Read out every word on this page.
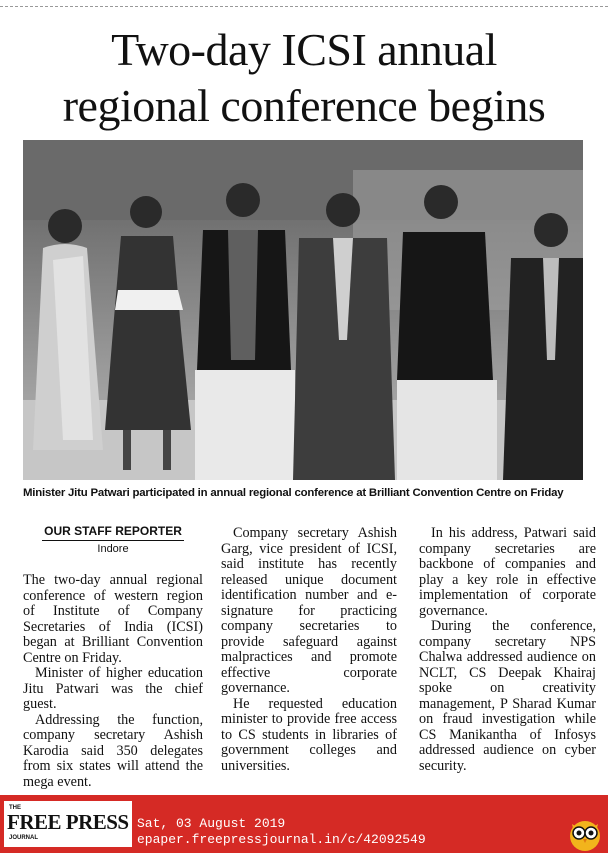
Two-day ICSI annual
regional conference begins
Minister Jitu Patwari participated in annual regional conference at Brilliant Convention Centre on Friday
OUR STAFF REPORTER
Indore

The two-day annual regional conference of western region of Institute of Company Secretaries of India (ICSI) began at Brilliant Convention Centre on Friday.

Minister of higher education Jitu Patwari was the chief guest.

Addressing the function, company secretary Ashish Karodia said 350 delegates from six states will attend the mega event.

Company secretary Ashish Garg, vice president of ICSI, said institute has recently released unique document identification number and e-signature for practicing company secretaries to provide safeguard against malpractices and promote effective corporate governance.

He requested education minister to provide free access to CS students in libraries of government colleges and universities.

In his address, Patwari said company secretaries are backbone of companies and play a key role in effective implementation of corporate governance.

During the conference, company secretary NPS Chalwa addressed audience on NCLT, CS Deepak Khairaj spoke on creativity management, P Sharad Kumar on fraud investigation while CS Manikantha of Infosys addressed audience on cyber security.

THE
FREE PRESS
JOURNAL
Sat, 03 August 2019
epaper.freepressjournal.in/c/42092549
